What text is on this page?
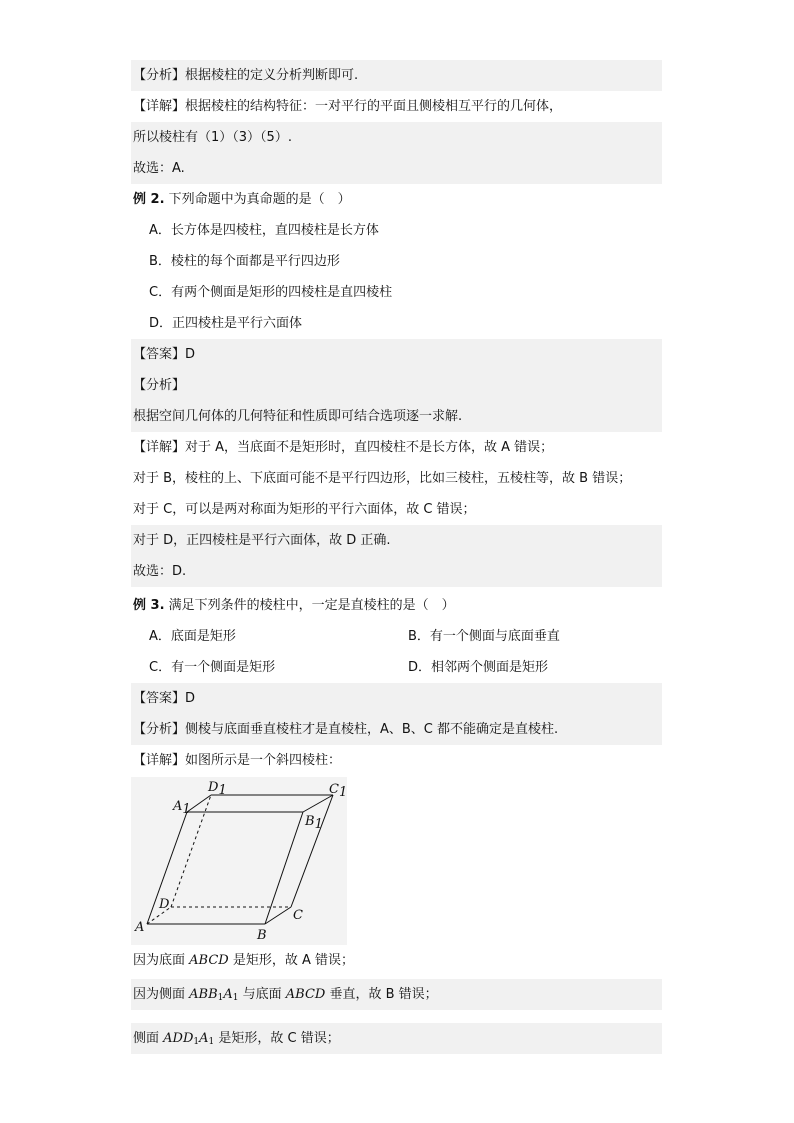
【分析】根据棱柱的定义分析判断即可.
【详解】根据棱柱的结构特征：一对平行的平面且侧棱相互平行的几何体，
所以棱柱有（1）（3）（5）.
故选：A.
例 2. 下列命题中为真命题的是（　）
A．长方体是四棱柱，直四棱柱是长方体
B．棱柱的每个面都是平行四边形
C．有两个侧面是矩形的四棱柱是直四棱柱
D．正四棱柱是平行六面体
【答案】D
【分析】
根据空间几何体的几何特征和性质即可结合选项逐一求解.
【详解】对于 A，当底面不是矩形时，直四棱柱不是长方体，故 A 错误；
对于 B，棱柱的上、下底面可能不是平行四边形，比如三棱柱，五棱柱等，故 B 错误；
对于 C，可以是两对称面为矩形的平行六面体，故 C 错误；
对于 D，正四棱柱是平行六面体，故 D 正确.
故选：D.
例 3. 满足下列条件的棱柱中，一定是直棱柱的是（　）
A．底面是矩形	B．有一个侧面与底面垂直
C．有一个侧面是矩形	D．相邻两个侧面是矩形
【答案】D
【分析】侧棱与底面垂直棱柱才是直棱柱，A、B、C 都不能确定是直棱柱.
【详解】如图所示是一个斜四棱柱：
A1
D1	C1
B1
D
A
B
C
因为底面 ABCD 是矩形，故 A 错误；
因为侧面 $ABB_1A_1$ 与底面 ABCD 垂直，故 B 错误；
侧面 $ADD_1A_1$ 是矩形，故 C 错误；
